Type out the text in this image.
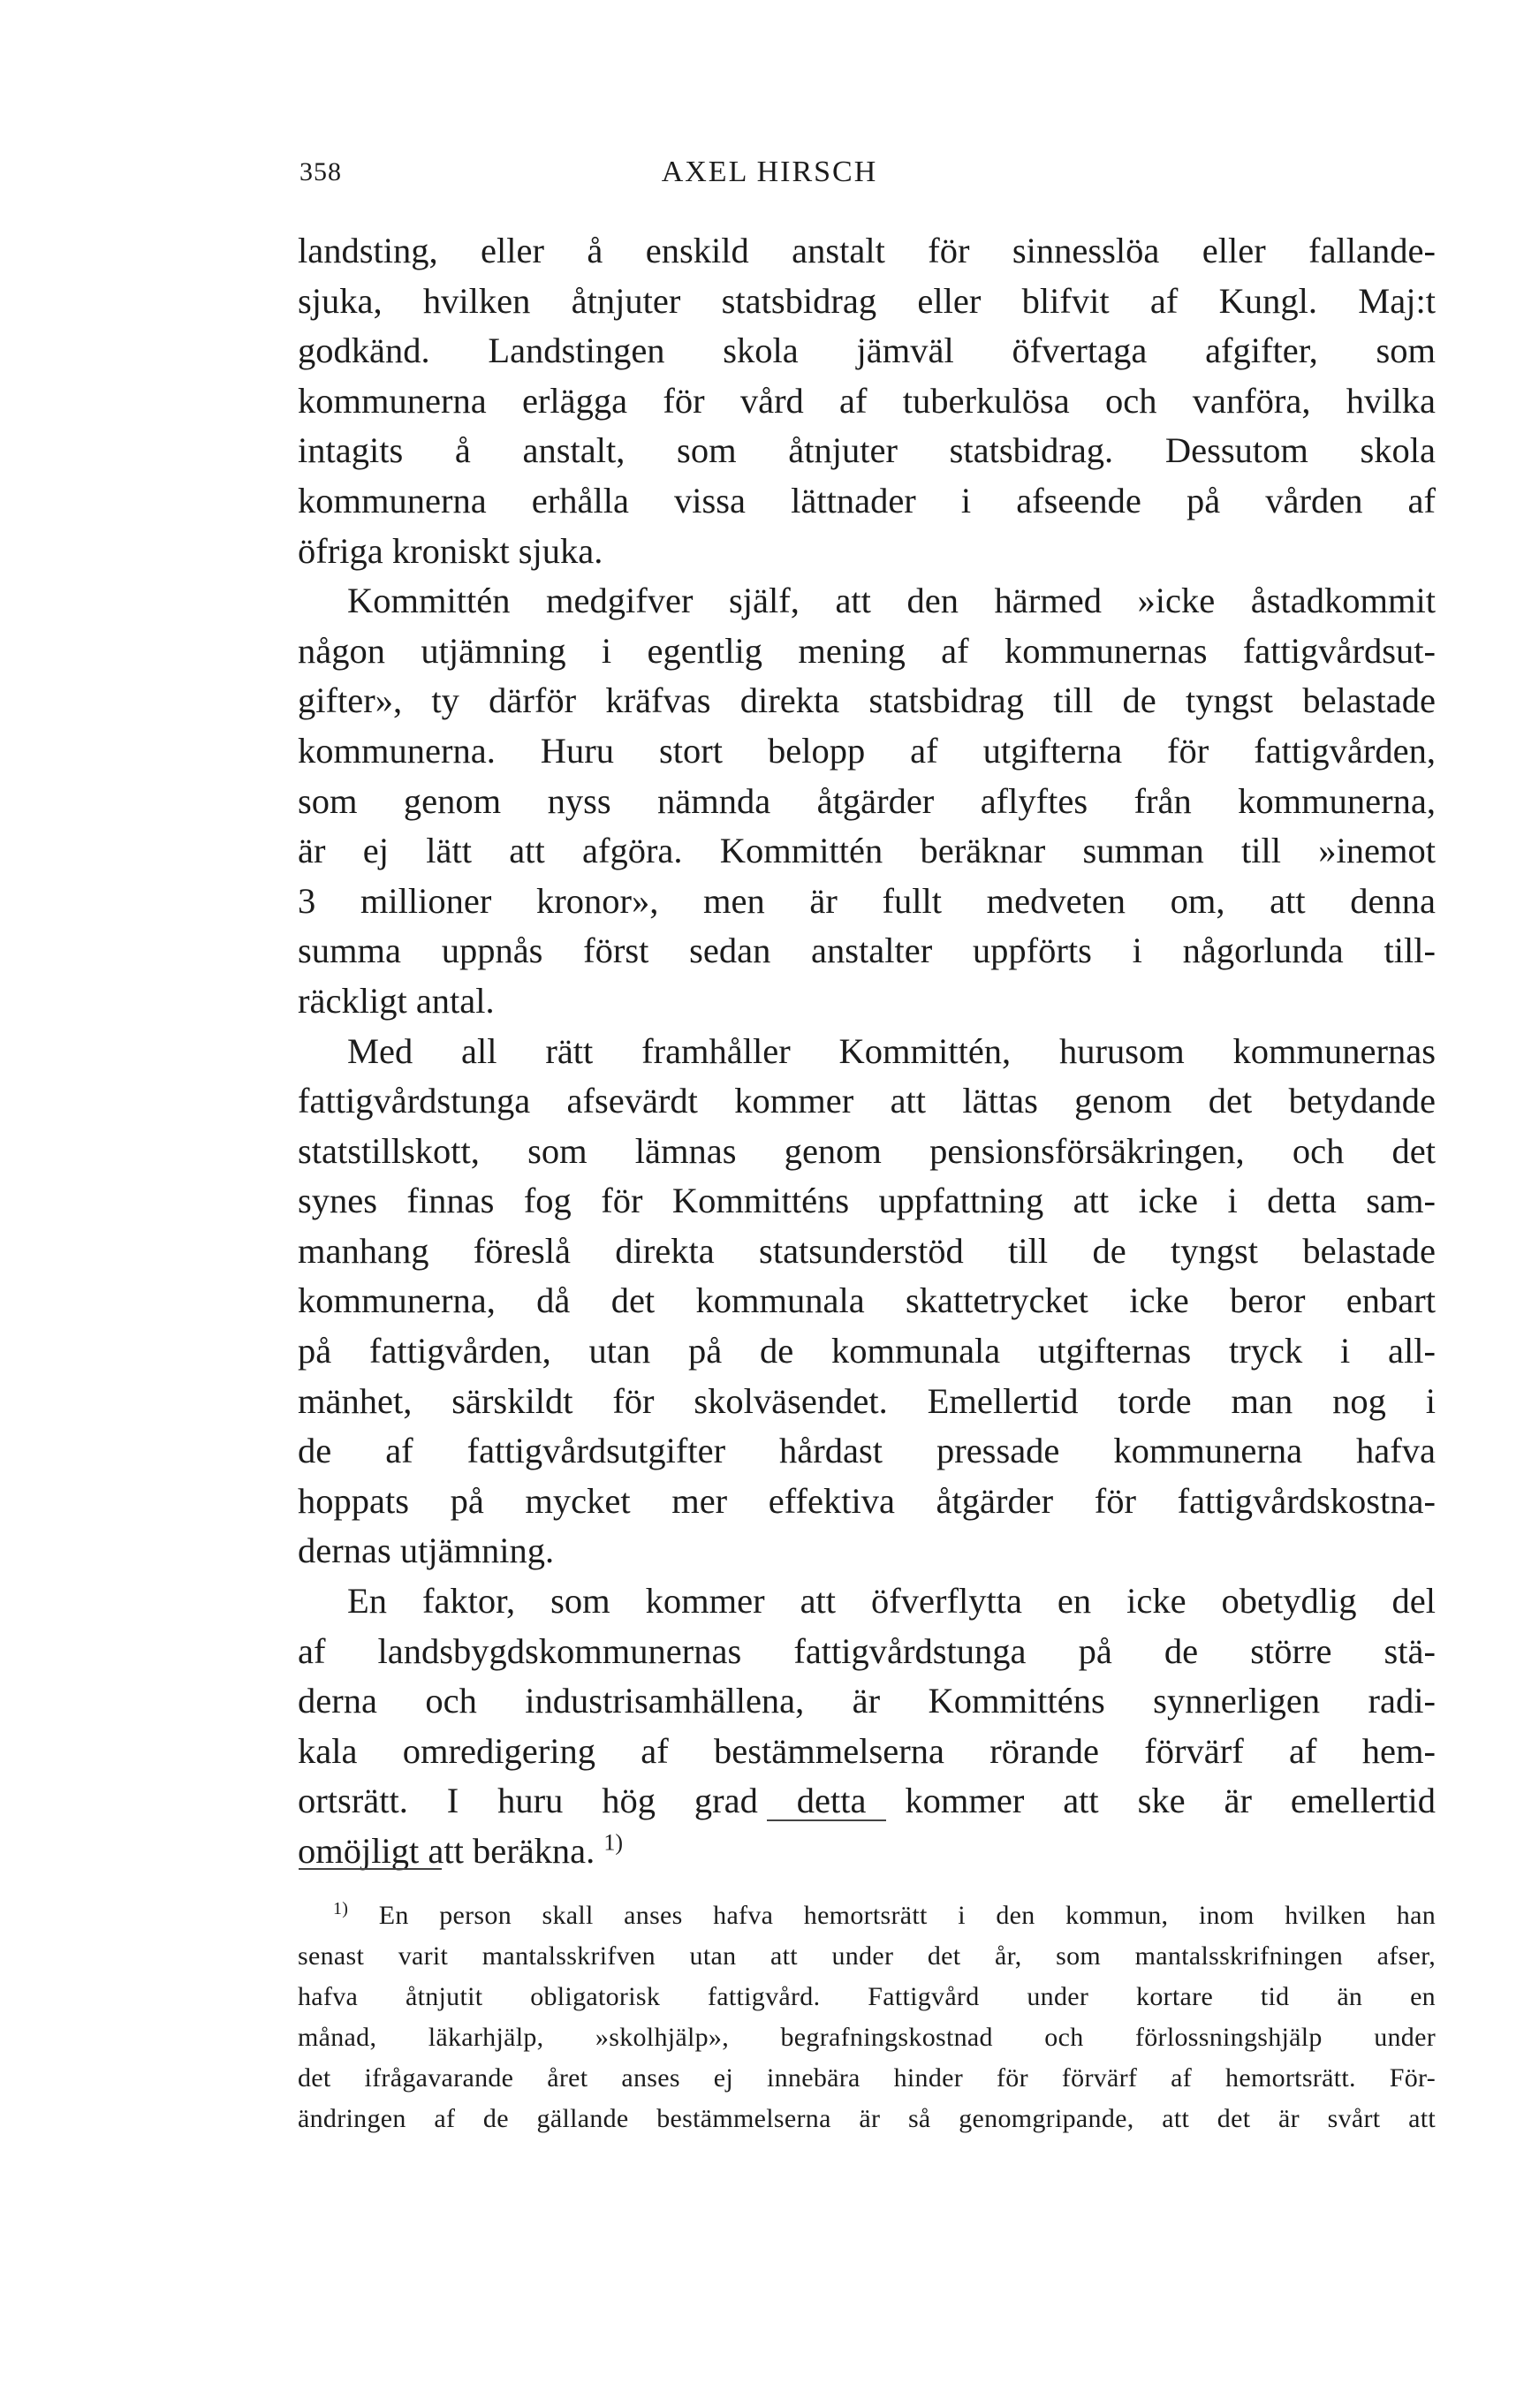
358	AXEL HIRSCH
landsting, eller å enskild anstalt för sinnesslöa eller fallande-
sjuka, hvilken åtnjuter statsbidrag eller blifvit af Kungl. Maj:t
godkänd. Landstingen skola jämväl öfvertaga afgifter, som
kommunerna erlägga för vård af tuberkulösa och vanföra, hvilka
intagits å anstalt, som åtnjuter statsbidrag. Dessutom skola
kommunerna erhålla vissa lättnader i afseende på vården af
öfriga kroniskt sjuka.
Kommittén medgifver själf, att den härmed »icke åstadkommit
någon utjämning i egentlig mening af kommunernas fattigvårdsut-
gifter», ty därför kräfvas direkta statsbidrag till de tyngst belastade
kommunerna. Huru stort belopp af utgifterna för fattigvården,
som genom nyss nämnda åtgärder aflyftes från kommunerna,
är ej lätt att afgöra. Kommittén beräknar summan till »inemot
3 millioner kronor», men är fullt medveten om, att denna
summa uppnås först sedan anstalter uppförts i någorlunda till-
räckligt antal.
Med all rätt framhåller Kommittén, hurusom kommunernas
fattigvårdstunga afsevärdt kommer att lättas genom det betydande
statstillskott, som lämnas genom pensionsförsäkringen, och det
synes finnas fog för Kommitténs uppfattning att icke i detta sam-
manhang föreslå direkta statsunderstöd till de tyngst belastade
kommunerna, då det kommunala skattetrycket icke beror enbart
på fattigvården, utan på de kommunala utgifternas tryck i all-
mänhet, särskildt för skolväsendet. Emellertid torde man nog i
de af fattigvårdsutgifter hårdast pressade kommunerna hafva
hoppats på mycket mer effektiva åtgärder för fattigvårdskostna-
dernas utjämning.
En faktor, som kommer att öfverflytta en icke obetydlig del
af landsbygdskommunernas fattigvårdstunga på de större stä-
derna och industrisamhällena, är Kommitténs synnerligen radi-
kala omredigering af bestämmelserna rörande förvärf af hem-
ortsrätt. I huru hög grad detta kommer att ske är emellertid
omöjligt att beräkna. $^{1)}$
$^{1)}$ En person skall anses hafva hemortsrätt i den kommun, inom hvilken han
senast varit mantalsskrifven utan att under det år, som mantalsskrifningen afser,
hafva åtnjutit obligatorisk fattigvård. Fattigvård under kortare tid än en
månad, läkarhjälp, »skolhjälp», begrafningskostnad och förlossningshjälp under
det ifrågavarande året anses ej innebära hinder för förvärf af hemortsrätt. För-
ändringen af de gällande bestämmelserna är så genomgripande, att det är svårt att
